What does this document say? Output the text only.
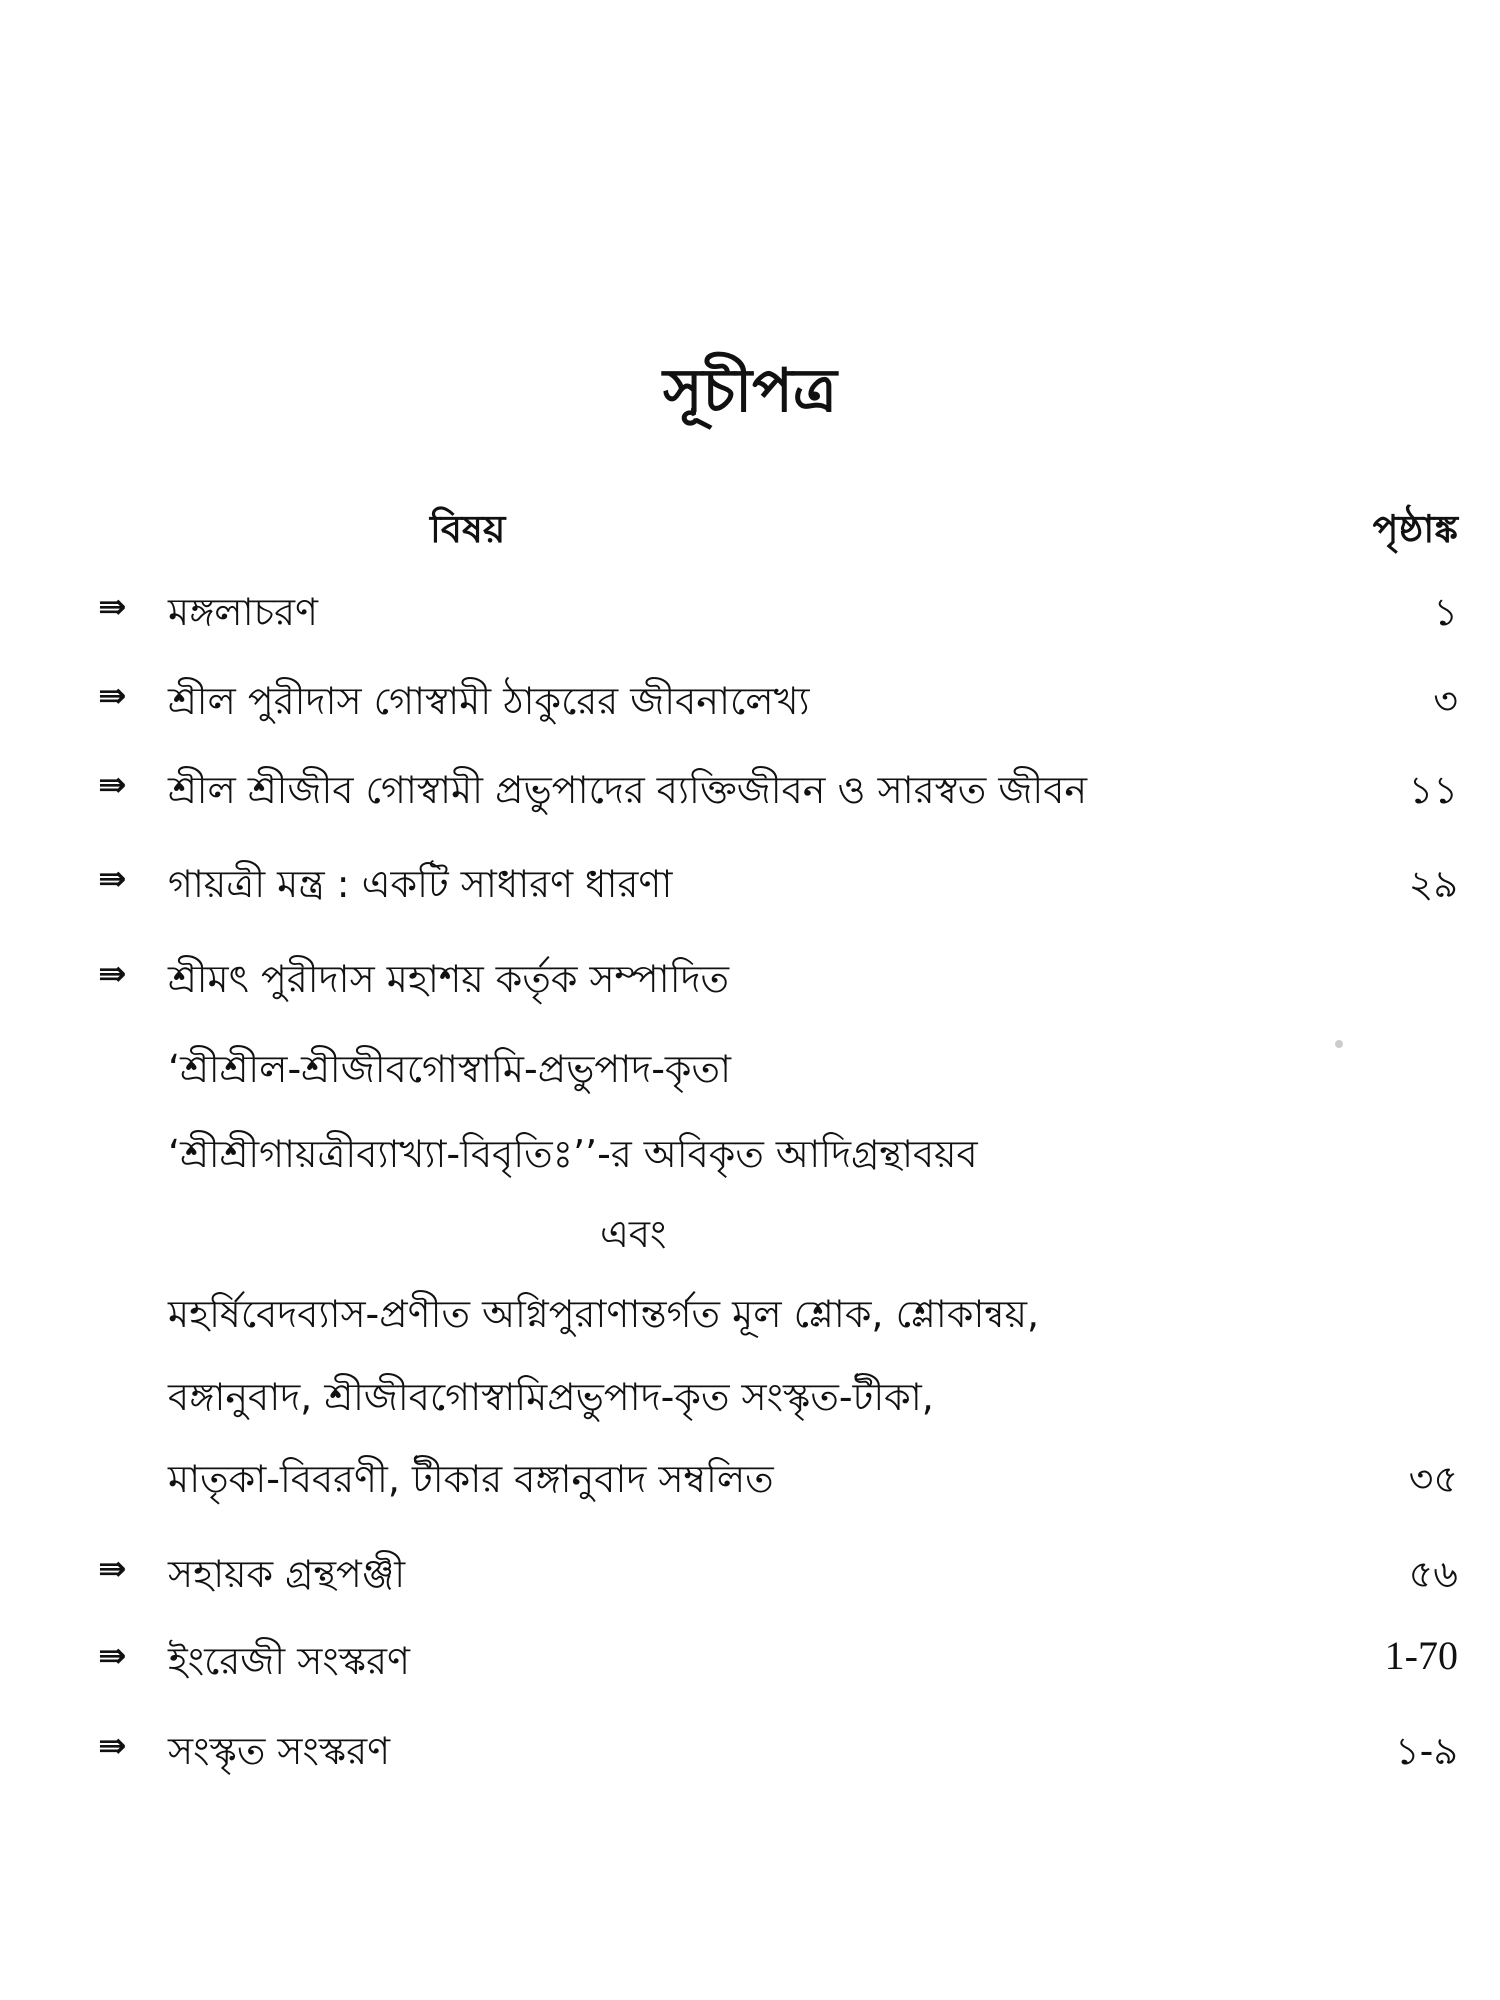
সূচীপত্র
বিষয়	পৃষ্ঠাঙ্ক
⇛ মঙ্গলাচরণ	১
⇛ শ্রীল পুরীদাস গোস্বামী ঠাকুরের জীবনালেখ্য	৩
⇛ শ্রীল শ্রীজীব গোস্বামী প্রভুপাদের ব্যক্তিজীবন ও সারস্বত জীবন	১১
⇛ গায়ত্রী মন্ত্র : একটি সাধারণ ধারণা	২৯
⇛ শ্রীমৎ পুরীদাস মহাশয় কর্তৃক সম্পাদিত
‘শ্রীশ্রীল-শ্রীজীবগোস্বামি-প্রভুপাদ-কৃতা
‘শ্রীশ্রীগায়ত্রীব্যাখ্যা-বিবৃতিঃ’’-র অবিকৃত আদিগ্রন্থাবয়ব
এবং
মহর্ষিবেদব্যাস-প্রণীত অগ্নিপুরাণান্তর্গত মূল শ্লোক, শ্লোকান্বয়,
বঙ্গানুবাদ, শ্রীজীবগোস্বামিপ্রভুপাদ-কৃত সংস্কৃত-টীকা,
মাতৃকা-বিবরণী, টীকার বঙ্গানুবাদ সম্বলিত	৩৫
⇛ সহায়ক গ্রন্থপঞ্জী	৫৬
⇛ ইংরেজী সংস্করণ	1-70
⇛ সংস্কৃত সংস্করণ	১-৯
